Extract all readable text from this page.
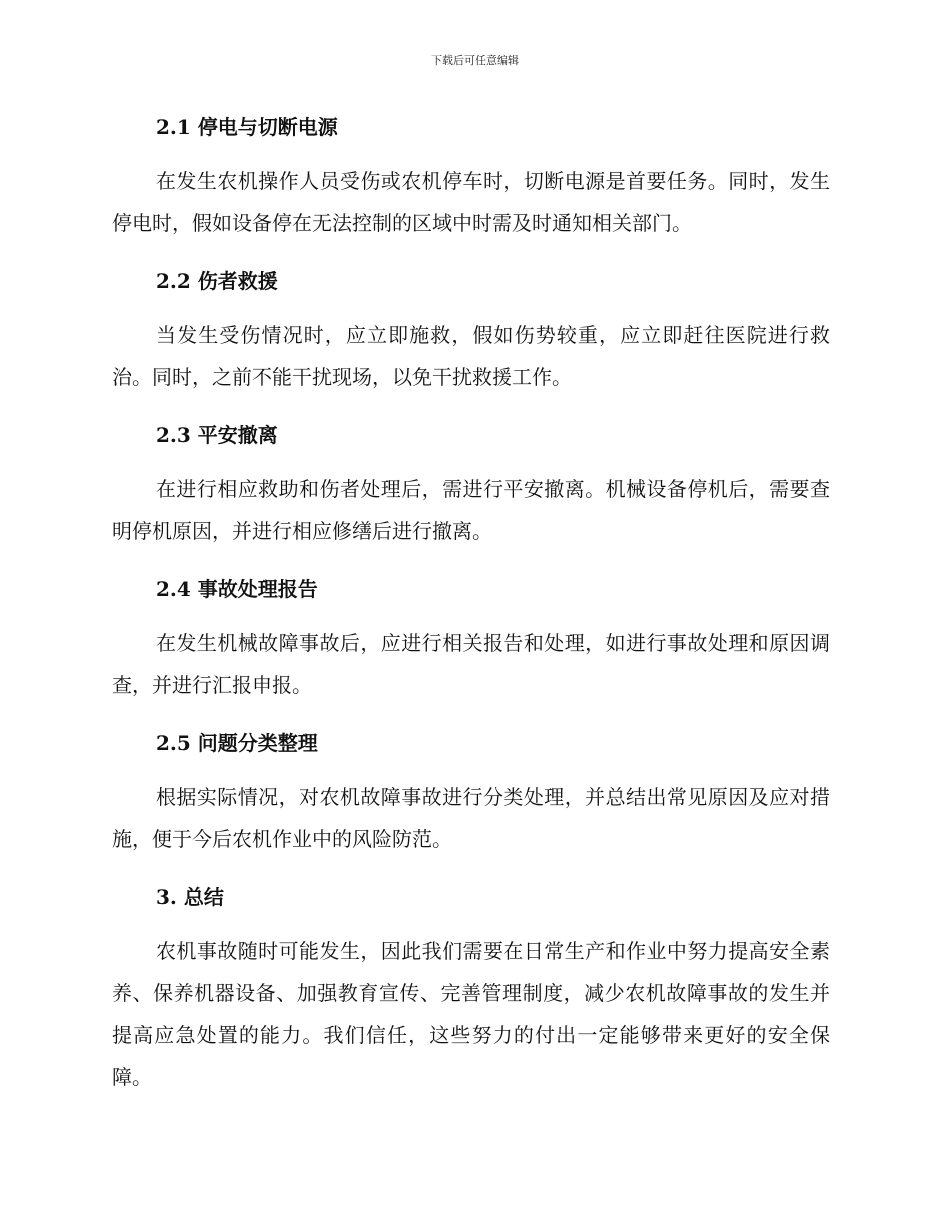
下载后可任意编辑
2.1 停电与切断电源

在发生农机操作人员受伤或农机停车时，切断电源是首要任务。同时，发生停电时，假如设备停在无法控制的区域中时需及时通知相关部门。

2.2 伤者救援

当发生受伤情况时，应立即施救，假如伤势较重，应立即赶往医院进行救治。同时，之前不能干扰现场，以免干扰救援工作。

2.3 平安撤离

在进行相应救助和伤者处理后，需进行平安撤离。机械设备停机后，需要查明停机原因，并进行相应修缮后进行撤离。

2.4 事故处理报告

在发生机械故障事故后，应进行相关报告和处理，如进行事故处理和原因调查，并进行汇报申报。

2.5 问题分类整理

根据实际情况，对农机故障事故进行分类处理，并总结出常见原因及应对措施，便于今后农机作业中的风险防范。

3. 总结

农机事故随时可能发生，因此我们需要在日常生产和作业中努力提高安全素养、保养机器设备、加强教育宣传、完善管理制度，减少农机故障事故的发生并提高应急处置的能力。我们信任，这些努力的付出一定能够带来更好的安全保障。
